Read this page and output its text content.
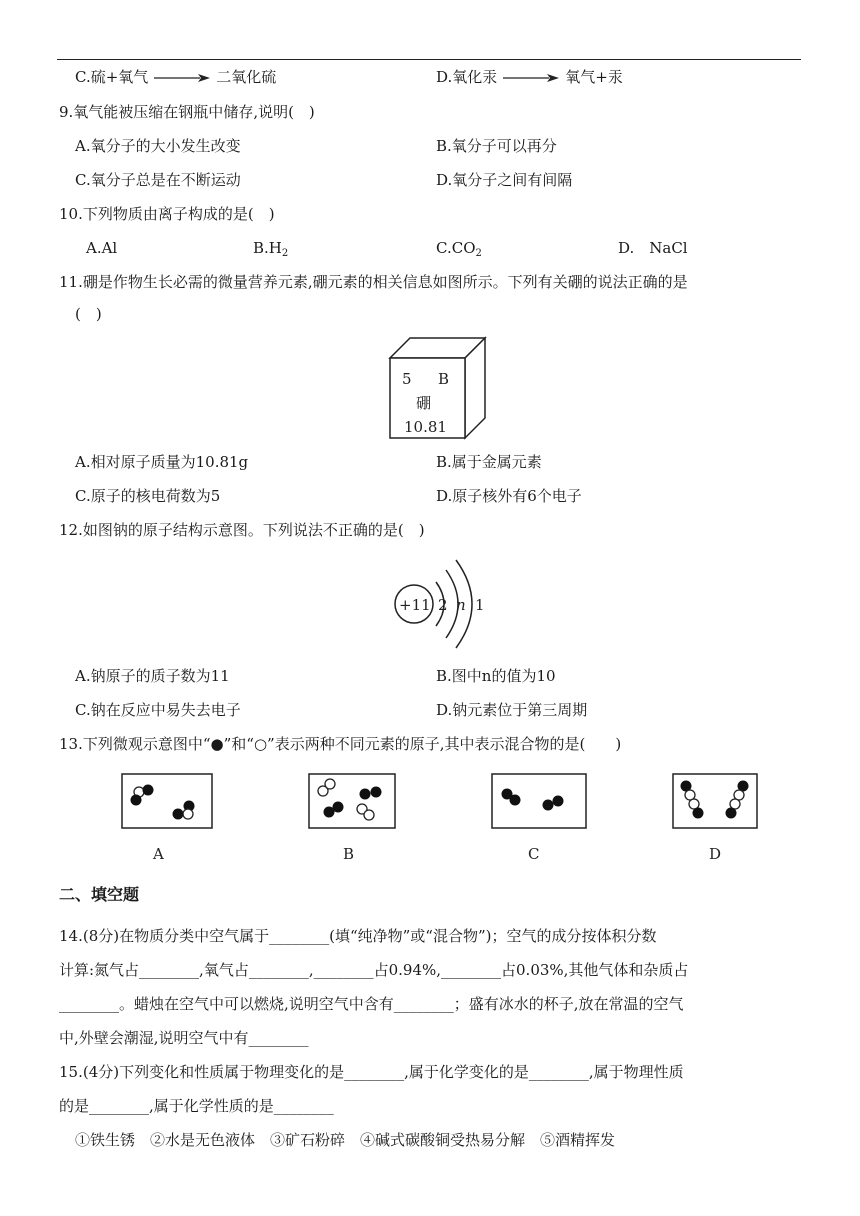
C.硫+氧气 → 二氧化硫	D.氧化汞 → 氧气+汞
9.氧气能被压缩在钢瓶中储存,说明(　)
A.氧分子的大小发生改变	B.氧分子可以再分
C.氧分子总是在不断运动	D.氧分子之间有间隔
10.下列物质由离子构成的是(　)
A.Al	$B.H_2$	$C.CO_2$	D.　NaCl
11.硼是作物生长必需的微量营养元素,硼元素的相关信息如图所示。下列有关硼的说法正确的是
(　)
5 B
硼
10.81
A.相对原子质量为10.81g	B.属于金属元素
C.原子的核电荷数为5	D.原子核外有6个电子
12.如图钠的原子结构示意图。下列说法不正确的是(　)
+11 2 n 1
A.钠原子的质子数为11	B.图中n的值为10
C.钠在反应中易失去电子	D.钠元素位于第三周期
13.下列微观示意图中“●”和“○”表示两种不同元素的原子,其中表示混合物的是(　　)
A	B	C	D
二、填空题
14.(8分)在物质分类中空气属于________(填“纯净物”或“混合物”)；空气的成分按体积分数
计算:氮气占________,氧气占________,________占0.94%,________占0.03%,其他气体和杂质占
________。蜡烛在空气中可以燃烧,说明空气中含有________；盛有冰水的杯子,放在常温的空气
中,外壁会潮湿,说明空气中有________
15.(4分)下列变化和性质属于物理变化的是________,属于化学变化的是________,属于物理性质
的是________,属于化学性质的是________
①铁生锈　②水是无色液体　③矿石粉碎　④碱式碳酸铜受热易分解　⑤酒精挥发
